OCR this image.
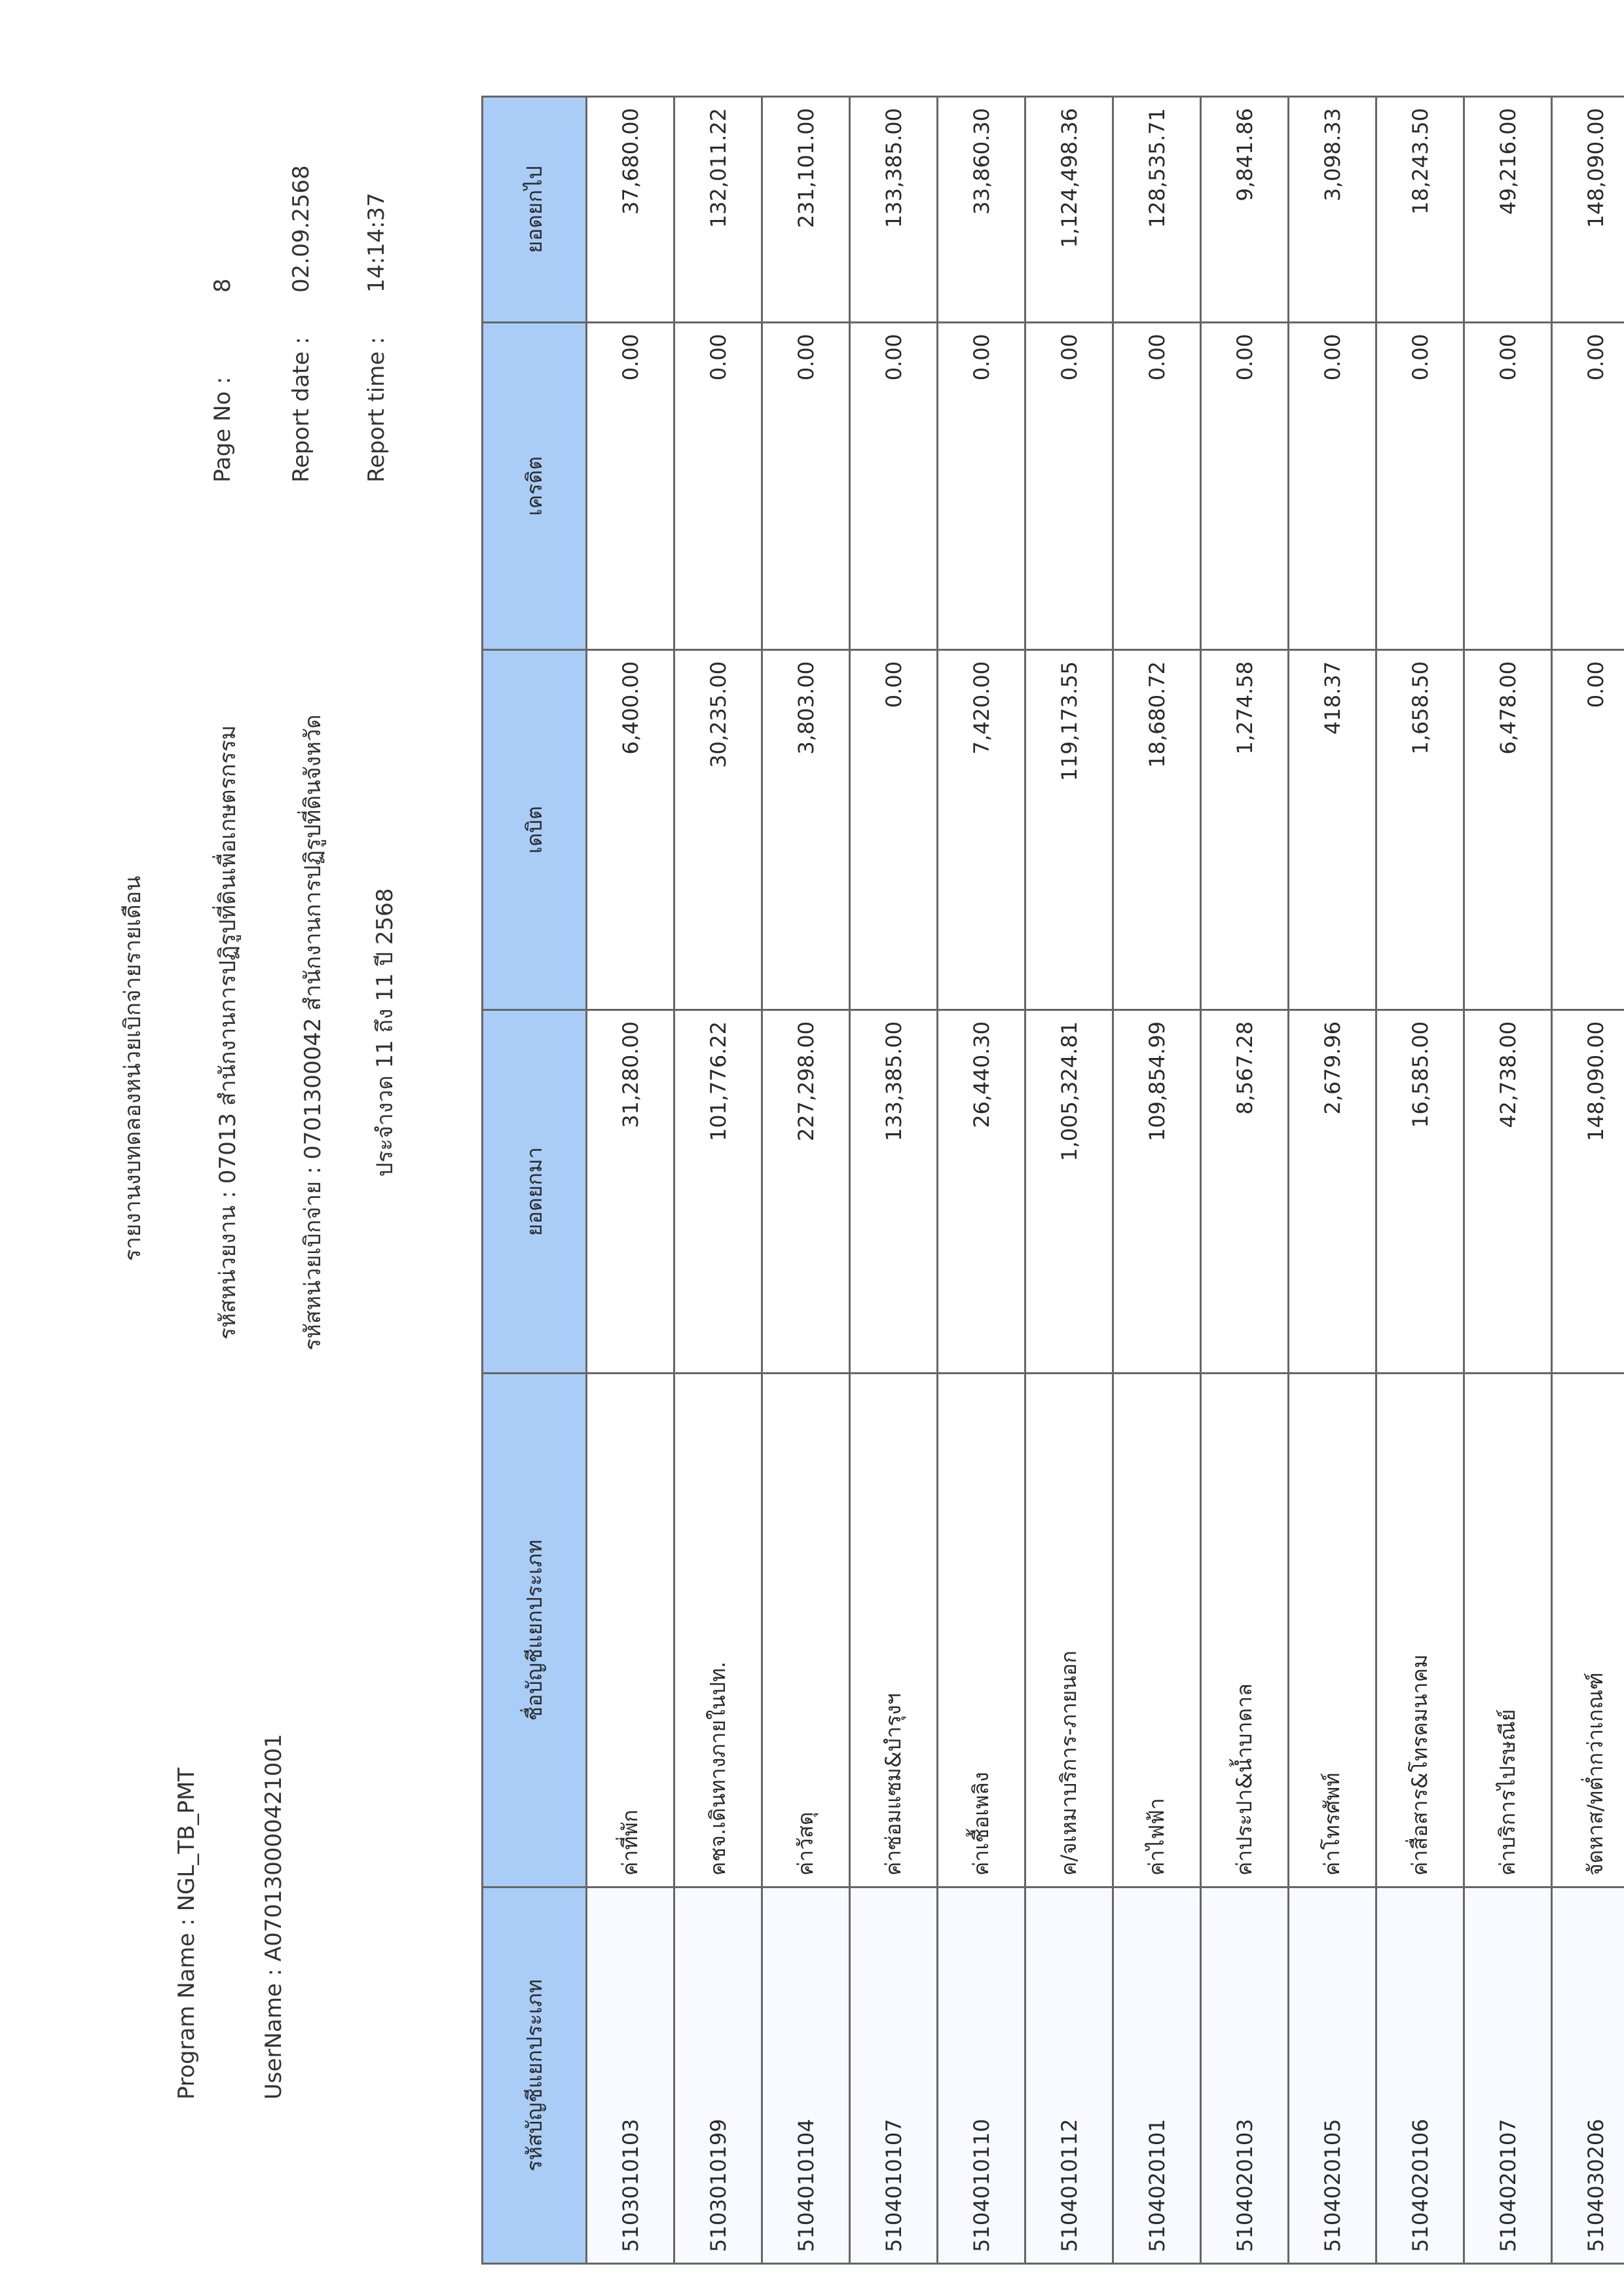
Program Name : NGL_TB_PMT	UserName : A070130000421001
รายงานงบทดลองหน่วยเบิกจ่ายรายเดือน	รหัสหน่วยงาน : 07013 สำนักงานการปฏิรูปที่ดินเพื่อเกษตรกรรม	รหัสหน่วยเบิกจ่าย : 0701300042 สำนักงานการปฏิรูปที่ดินจังหวัด ประจำงวด 11 ถึง 11 ปี 2568
Page No :
8
Report date :
02.09.2568
Report time :
14:14:37
รหัสบัญชีแยกประเภท	ชื่อบัญชีแยกประเภท	ยอดยกมา	เดบิต	เครดิต	ยอดยกไป
5103010103	ค่าที่พัก	31,280.00	6,400.00	0.00	37,680.00
5103010199	คชจ.เดินทางภายในปท.	101,776.22	30,235.00	0.00	132,011.22
5104010104	ค่าวัสดุ	227,298.00	3,803.00	0.00	231,101.00
5104010107	ค่าซ่อมแซม&บำรุงฯ	133,385.00	0.00	0.00	133,385.00
5104010110	ค่าเชื้อเพลิง	26,440.30	7,420.00	0.00	33,860.30
5104010112	ค/จเหมาบริการ-ภายนอก	1,005,324.81	119,173.55	0.00	1,124,498.36
5104020101	ค่าไฟฟ้า	109,854.99	18,680.72	0.00	128,535.71
5104020103	ค่าประปา&น้ำบาดาล	8,567.28	1,274.58	0.00	9,841.86
5104020105	ค่าโทรศัพท์	2,679.96	418.37	0.00	3,098.33
5104020106	ค่าสื่อสาร&โทรคมนาคม	16,585.00	1,658.50	0.00	18,243.50
5104020107	ค่าบริการไปรษณีย์	42,738.00	6,478.00	0.00	49,216.00
5104030206	จัดหาส/ทต่ำกว่าเกณฑ์	148,090.00	0.00	0.00	148,090.00
